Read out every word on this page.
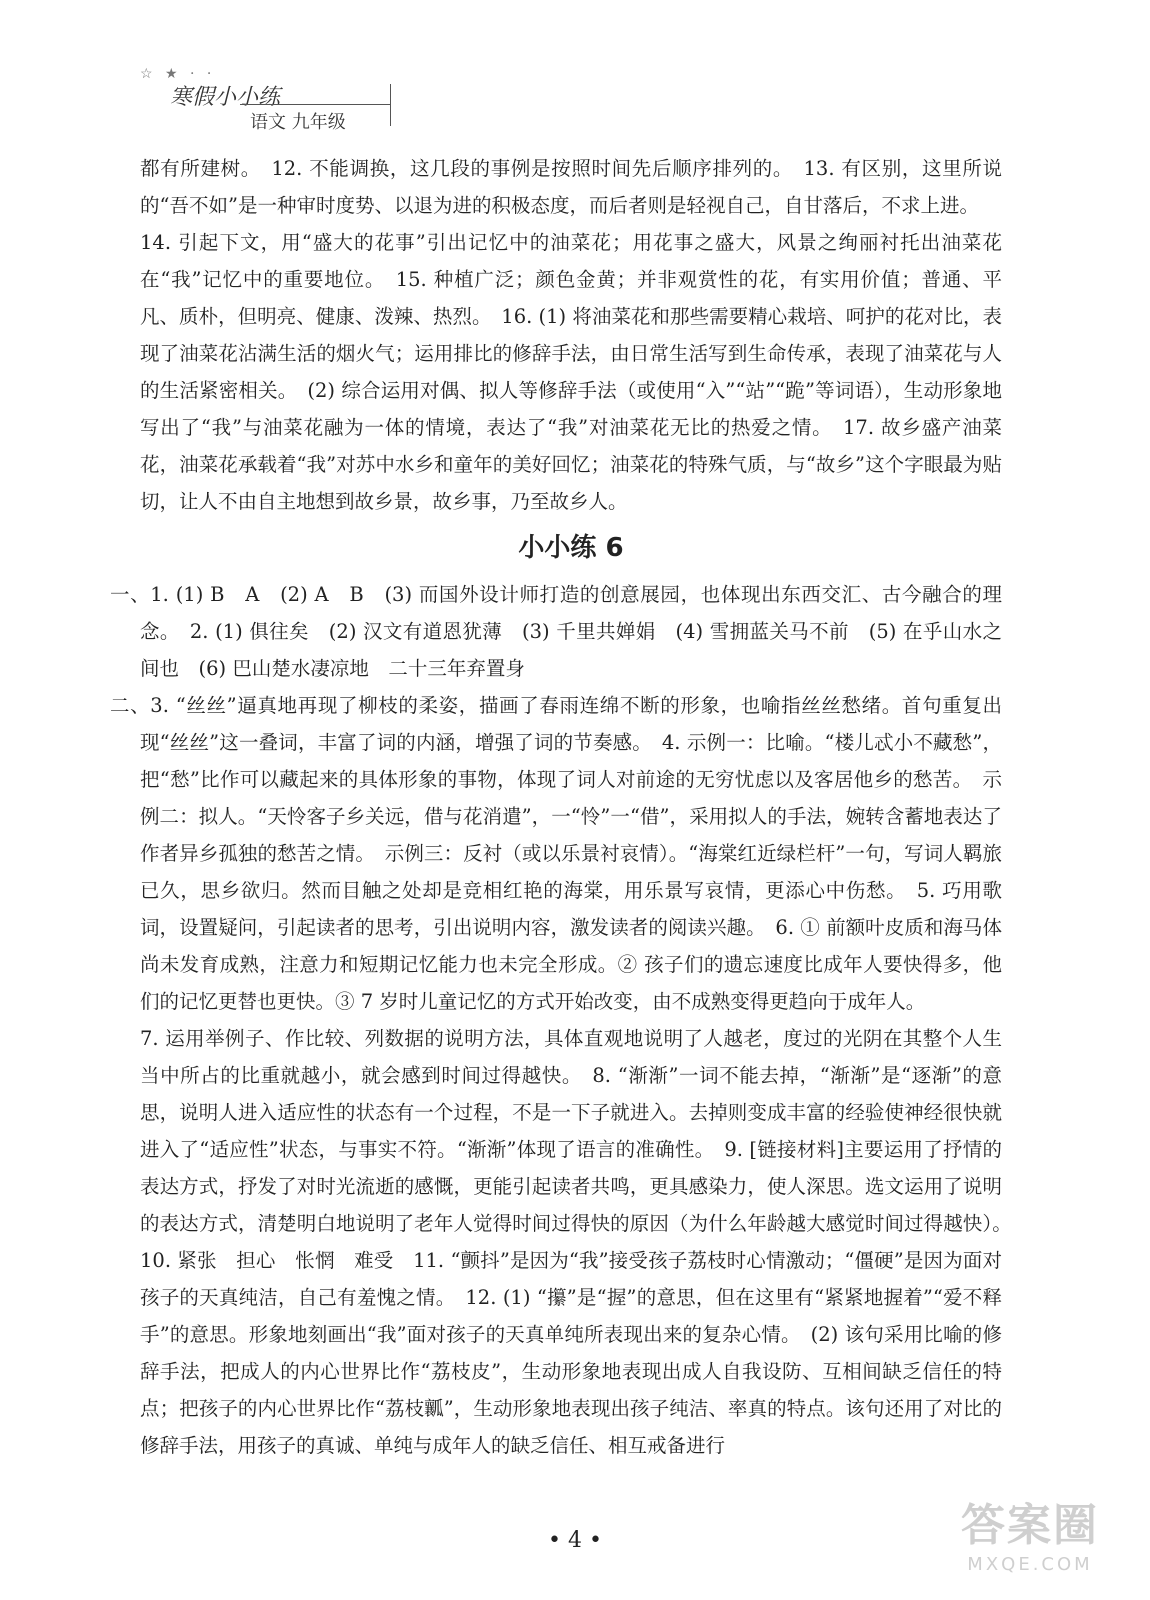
☆ ★ · ·
寒假小小练
语文 九年级

都有所建树。　12. 不能调换，这几段的事例是按照时间先后顺序排列的。　13. 有区别，这里所说的“吾不如”是一种审时度势、以退为进的积极态度，而后者则是轻视自己，自甘落后，不求上进。

14. 引起下文，用“盛大的花事”引出记忆中的油菜花；用花事之盛大，风景之绚丽衬托出油菜花在“我”记忆中的重要地位。　15. 种植广泛；颜色金黄；并非观赏性的花，有实用价值；普通、平凡、质朴，但明亮、健康、泼辣、热烈。　16. (1) 将油菜花和那些需要精心栽培、呵护的花对比，表现了油菜花沾满生活的烟火气；运用排比的修辞手法，由日常生活写到生命传承，表现了油菜花与人的生活紧密相关。　(2) 综合运用对偶、拟人等修辞手法（或使用“入”“站”“跪”等词语），生动形象地写出了“我”与油菜花融为一体的情境，表达了“我”对油菜花无比的热爱之情。　17. 故乡盛产油菜花，油菜花承载着“我”对苏中水乡和童年的美好回忆；油菜花的特殊气质，与“故乡”这个字眼最为贴切，让人不由自主地想到故乡景，故乡事，乃至故乡人。

小小练 6

一、1. (1) B　A　(2) A　B　(3) 而国外设计师打造的创意展园，也体现出东西交汇、古今融合的理念。　2. (1) 俱往矣　(2) 汉文有道恩犹薄　(3) 千里共婵娟　(4) 雪拥蓝关马不前　(5) 在乎山水之间也　(6) 巴山楚水凄凉地　二十三年弃置身

二、3. “丝丝”逼真地再现了柳枝的柔姿，描画了春雨连绵不断的形象，也喻指丝丝愁绪。首句重复出现“丝丝”这一叠词，丰富了词的内涵，增强了词的节奏感。　4. 示例一：比喻。“楼儿忒小不藏愁”，把“愁”比作可以藏起来的具体形象的事物，体现了词人对前途的无穷忧虑以及客居他乡的愁苦。　示例二：拟人。“天怜客子乡关远，借与花消遣”，一“怜”一“借”，采用拟人的手法，婉转含蓄地表达了作者异乡孤独的愁苦之情。　示例三：反衬（或以乐景衬哀情）。“海棠红近绿栏杆”一句，写词人羁旅已久，思乡欲归。然而目触之处却是竞相红艳的海棠，用乐景写哀情，更添心中伤愁。　5. 巧用歌词，设置疑问，引起读者的思考，引出说明内容，激发读者的阅读兴趣。　6. ① 前额叶皮质和海马体尚未发育成熟，注意力和短期记忆能力也未完全形成。② 孩子们的遗忘速度比成年人要快得多，他们的记忆更替也更快。③ 7 岁时儿童记忆的方式开始改变，由不成熟变得更趋向于成年人。

7. 运用举例子、作比较、列数据的说明方法，具体直观地说明了人越老，度过的光阴在其整个人生当中所占的比重就越小，就会感到时间过得越快。　8. “渐渐”一词不能去掉，“渐渐”是“逐渐”的意思，说明人进入适应性的状态有一个过程，不是一下子就进入。去掉则变成丰富的经验使神经很快就进入了“适应性”状态，与事实不符。“渐渐”体现了语言的准确性。　9. [链接材料]主要运用了抒情的表达方式，抒发了对时光流逝的感慨，更能引起读者共鸣，更具感染力，使人深思。选文运用了说明的表达方式，清楚明白地说明了老年人觉得时间过得快的原因（为什么年龄越大感觉时间过得越快）。　10. 紧张　担心　怅惘　难受　11. “颤抖”是因为“我”接受孩子荔枝时心情激动；“僵硬”是因为面对孩子的天真纯洁，自己有羞愧之情。　12. (1) “攥”是“握”的意思，但在这里有“紧紧地握着”“爱不释手”的意思。形象地刻画出“我”面对孩子的天真单纯所表现出来的复杂心情。　(2) 该句采用比喻的修辞手法，把成人的内心世界比作“荔枝皮”，生动形象地表现出成人自我设防、互相间缺乏信任的特点；把孩子的内心世界比作“荔枝瓤”，生动形象地表现出孩子纯洁、率真的特点。该句还用了对比的修辞手法，用孩子的真诚、单纯与成年人的缺乏信任、相互戒备进行

• 4 •	答案圈
MXQE.COM
